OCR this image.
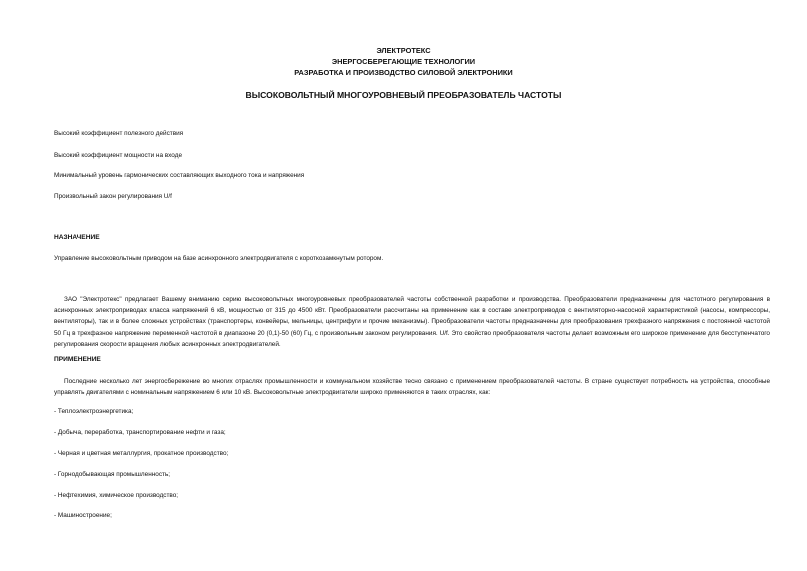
ЭЛЕКТРОТЕКС
ЭНЕРГОСБЕРЕГАЮЩИЕ ТЕХНОЛОГИИ
РАЗРАБОТКА И ПРОИЗВОДСТВО СИЛОВОЙ ЭЛЕКТРОНИКИ
ВЫСОКОВОЛЬТНЫЙ МНОГОУРОВНЕВЫЙ ПРЕОБРАЗОВАТЕЛЬ ЧАСТОТЫ
Высокий коэффициент полезного действия
Высокий коэффициент мощности на входе
Минимальный уровень гармонических составляющих выходного тока и напряжения
Произвольный закон регулирования U/f
НАЗНАЧЕНИЕ
Управление высоковольтным приводом на базе асинхронного электродвигателя с короткозамкнутым ротором.
ЗАО "Электротекс" предлагает Вашему вниманию серию высоковольтных многоуровневых преобразователей частоты собственной разработки и производства. Преобразователи предназначены для частотного регулирования в асинхронных электроприводах класса напряжений 6 кВ, мощностью от 315 до 4500 кВт. Преобразователи рассчитаны на применение как в составе электроприводов с вентиляторно-насосной характеристикой (насосы, компрессоры, вентиляторы), так и в более сложных устройствах (транспортеры, конвейеры, мельницы, центрифуги и прочие механизмы). Преобразователи частоты предназначены для преобразования трехфазного напряжения с постоянной частотой 50 Гц в трехфазное напряжение переменной частотой в диапазоне 20 (0,1)-50 (60) Гц, с произвольным законом регулирования. U/f. Это свойство преобразователя частоты делает возможным его широкое применение для бесступенчатого регулирования скорости вращения любых асинхронных электродвигателей.
ПРИМЕНЕНИЕ
Последние несколько лет энергосбережение во многих отраслях промышленности и коммунальном хозяйстве тесно связано с применением преобразователей частоты. В стране существует потребность на устройства, способные управлять двигателями с номинальным напряжением 6 или 10 кВ. Высоковольтные электродвигатели широко применяются в таких отраслях, как:
- Теплоэлектроэнергетика;
- Добыча, переработка, транспортирование нефти и газа;
- Черная и цветная металлургия, прокатное производство;
- Горнодобывающая промышленность;
- Нефтехимия, химическое производство;
- Машиностроение;
